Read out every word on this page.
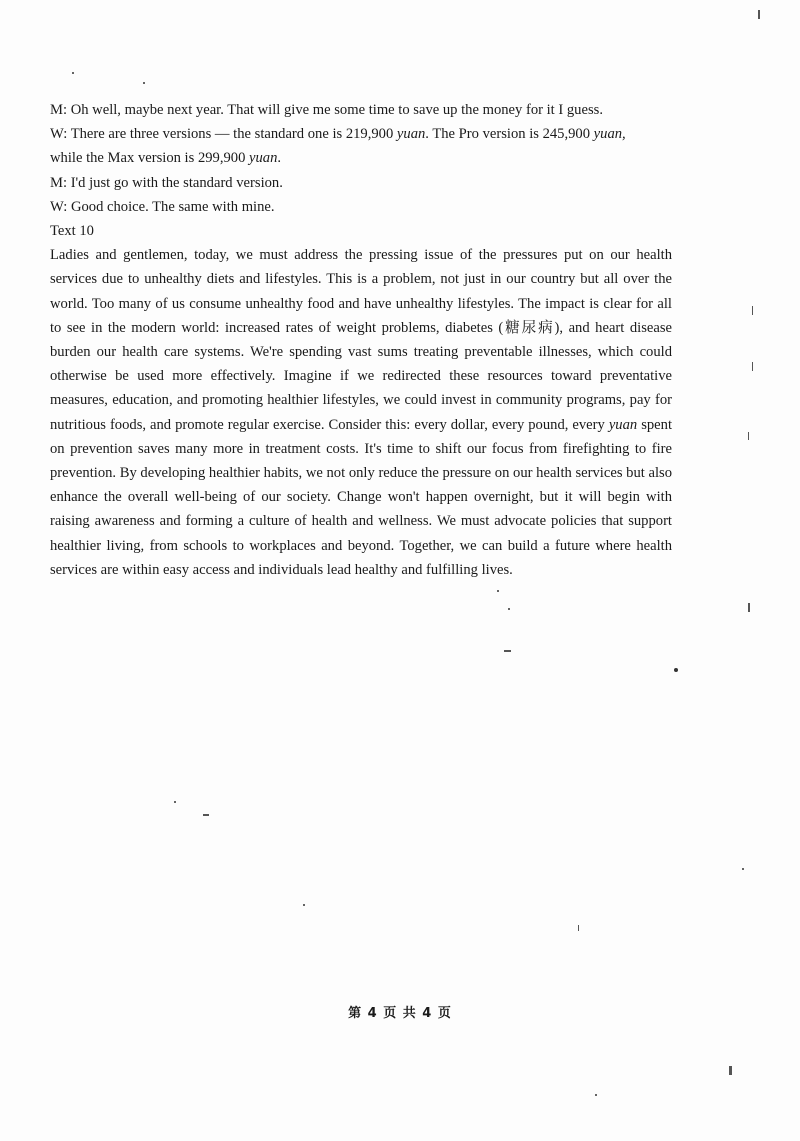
M: Oh well, maybe next year. That will give me some time to save up the money for it I guess.

W: There are three versions — the standard one is 219,900 yuan. The Pro version is 245,900 yuan,

while the Max version is 299,900 yuan.

M: I'd just go with the standard version.

W: Good choice. The same with mine.

Text 10

Ladies and gentlemen, today, we must address the pressing issue of the pressures put on our health services due to unhealthy diets and lifestyles. This is a problem, not just in our country but all over the world. Too many of us consume unhealthy food and have unhealthy lifestyles. The impact is clear for all to see in the modern world: increased rates of weight problems, diabetes (糖尿病), and heart disease burden our health care systems. We're spending vast sums treating preventable illnesses, which could otherwise be used more effectively. Imagine if we redirected these resources toward preventative measures, education, and promoting healthier lifestyles, we could invest in community programs, pay for nutritious foods, and promote regular exercise. Consider this: every dollar, every pound, every yuan spent on prevention saves many more in treatment costs. It's time to shift our focus from firefighting to fire prevention. By developing healthier habits, we not only reduce the pressure on our health services but also enhance the overall well-being of our society. Change won't happen overnight, but it will begin with raising awareness and forming a culture of health and wellness. We must advocate policies that support healthier living, from schools to workplaces and beyond. Together, we can build a future where health services are within easy access and individuals lead healthy and fulfilling lives.

第 4 页 共 4 页
